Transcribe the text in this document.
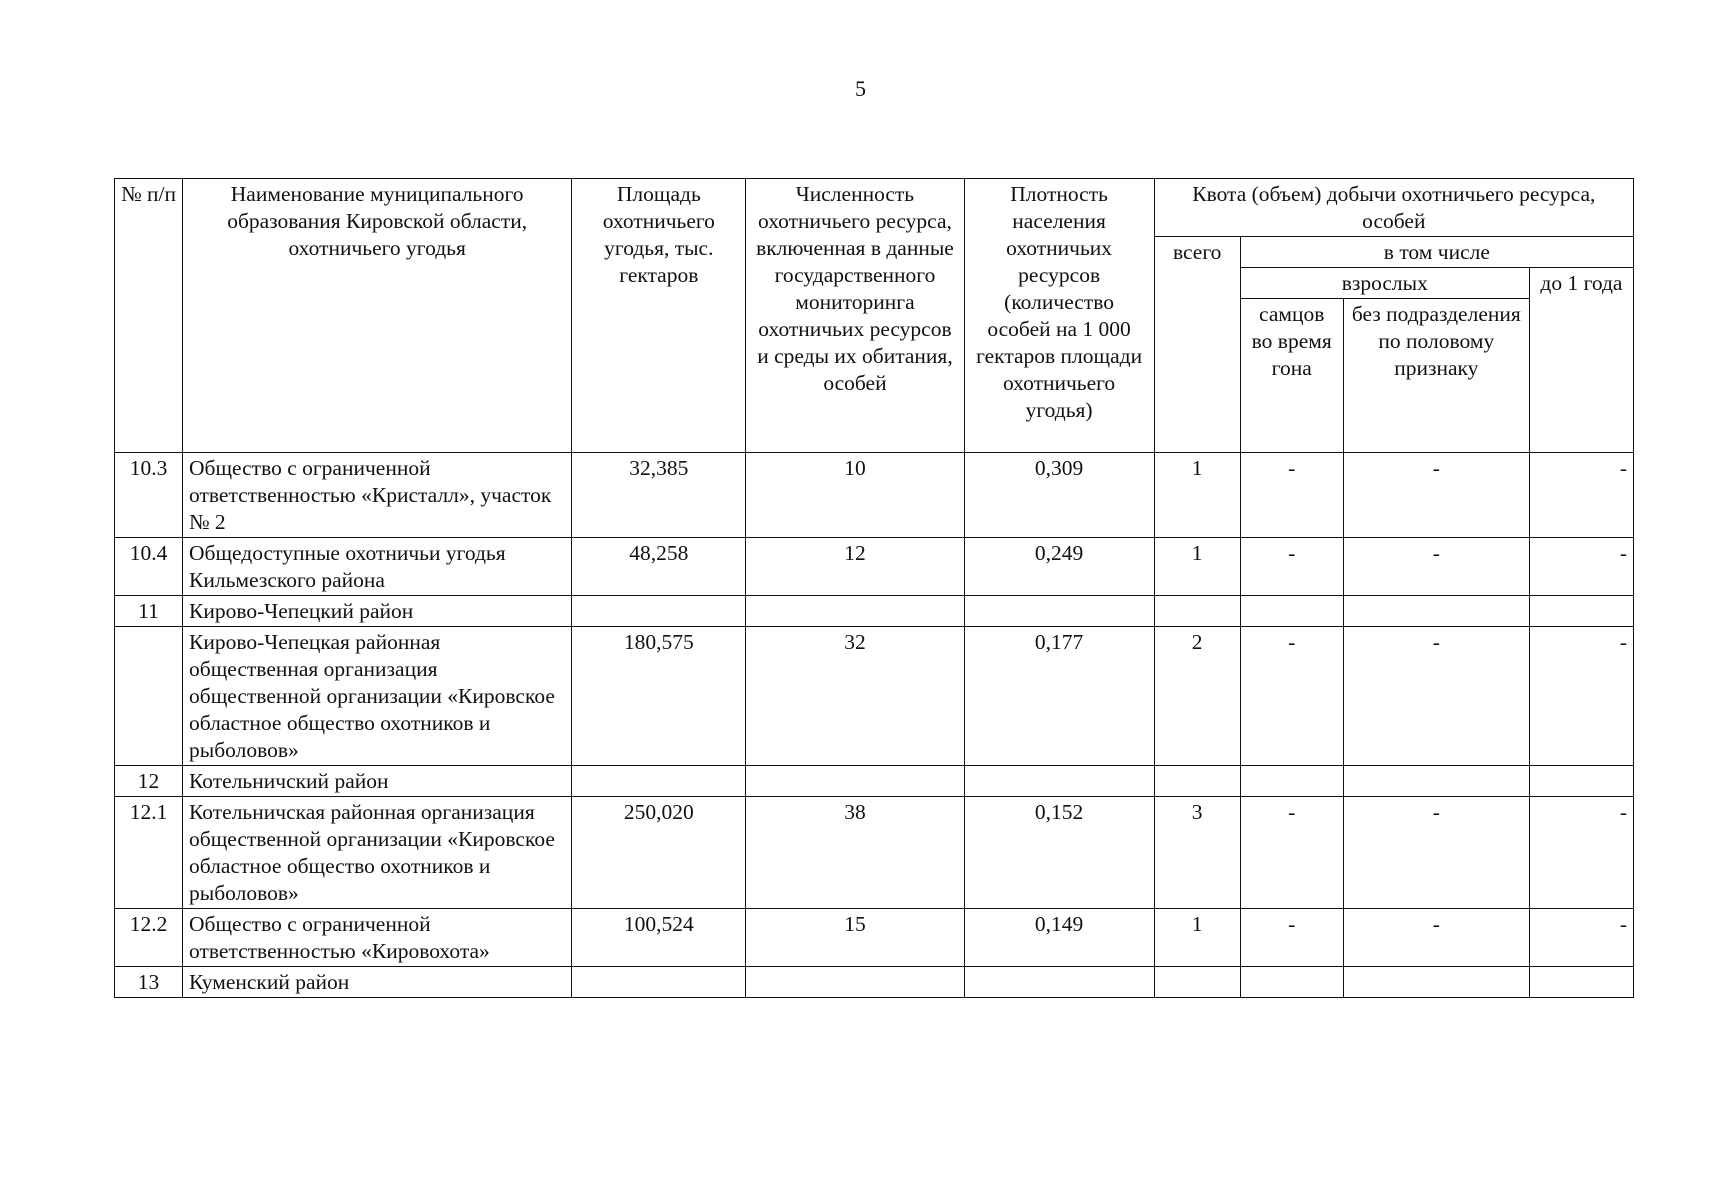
5
№ п/п	Наименование муниципального образования Кировской области, охотничьего угодья	Площадь охотничьего угодья, тыс. гектаров	Численность охотничьего ресурса, включенная в данные государственного мониторинга охотничьих ресурсов и среды их обитания, особей	Плотность населения охотничьих ресурсов (количество особей на 1 000 гектаров площади охотничьего угодья)	Квота (объем) добычи охотничьего ресурса, особей			
					всего	в том числе		
						взрослых		до 1 года
						самцов во время гона	без подразделения по половому признаку	
10.3	Общество с ограниченной ответственностью «Кристалл», участок № 2	32,385	10	0,309	1	-	-	-
10.4	Общедоступные охотничьи угодья Кильмезского района	48,258	12	0,249	1	-	-	-
11	Кирово-Чепецкий район							
	Кирово-Чепецкая районная общественная организация общественной организации «Кировское областное общество охотников и рыболовов»	180,575	32	0,177	2	-	-	-
12	Котельничский район							
12.1	Котельничская районная организация общественной организации «Кировское областное общество охотников и рыболовов»	250,020	38	0,152	3	-	-	-
12.2	Общество с ограниченной ответственностью «Кировохота»	100,524	15	0,149	1	-	-	-
13	Куменский район							
